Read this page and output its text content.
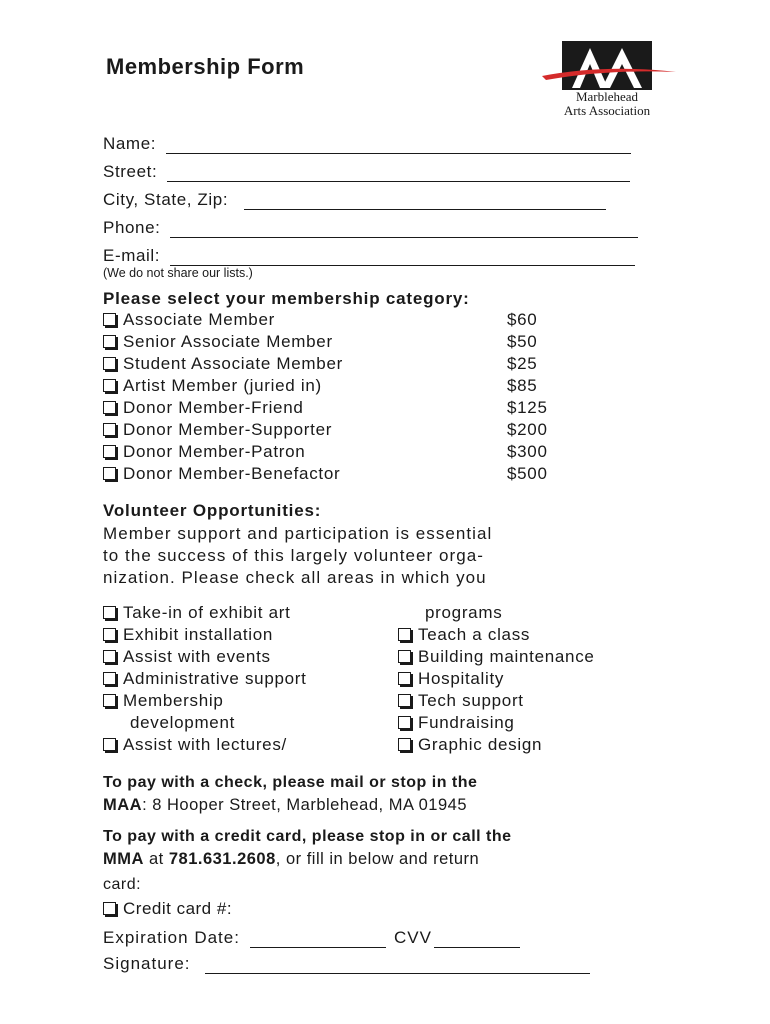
Membership Form
Marblehead
Arts Association
Name:
Street:
City, State, Zip:
Phone:
E-mail:
(We do not share our lists.)
Please select your membership category:
Associate Member	$60
Senior Associate Member	$50
Student Associate Member	$25
Artist Member (juried in)	$85
Donor Member-Friend	$125
Donor Member-Supporter	$200
Donor Member-Patron	$300
Donor Member-Benefactor	$500
Volunteer Opportunities:
Member support and participation is essential
to the success of this largely volunteer orga-
nization. Please check all areas in which you
Take-in of exhibit art
Exhibit installation
Assist with events
Administrative support
Membership
development
Assist with lectures/
programs
Teach a class
Building maintenance
Hospitality
Tech support
Fundraising
Graphic design
To pay with a check, please mail or stop in the
MAA: 8 Hooper Street, Marblehead, MA 01945
To pay with a credit card, please stop in or call the
MMA at 781.631.2608, or fill in below and return
card:
Credit card #:
Expiration Date:	CVV
Signature:
